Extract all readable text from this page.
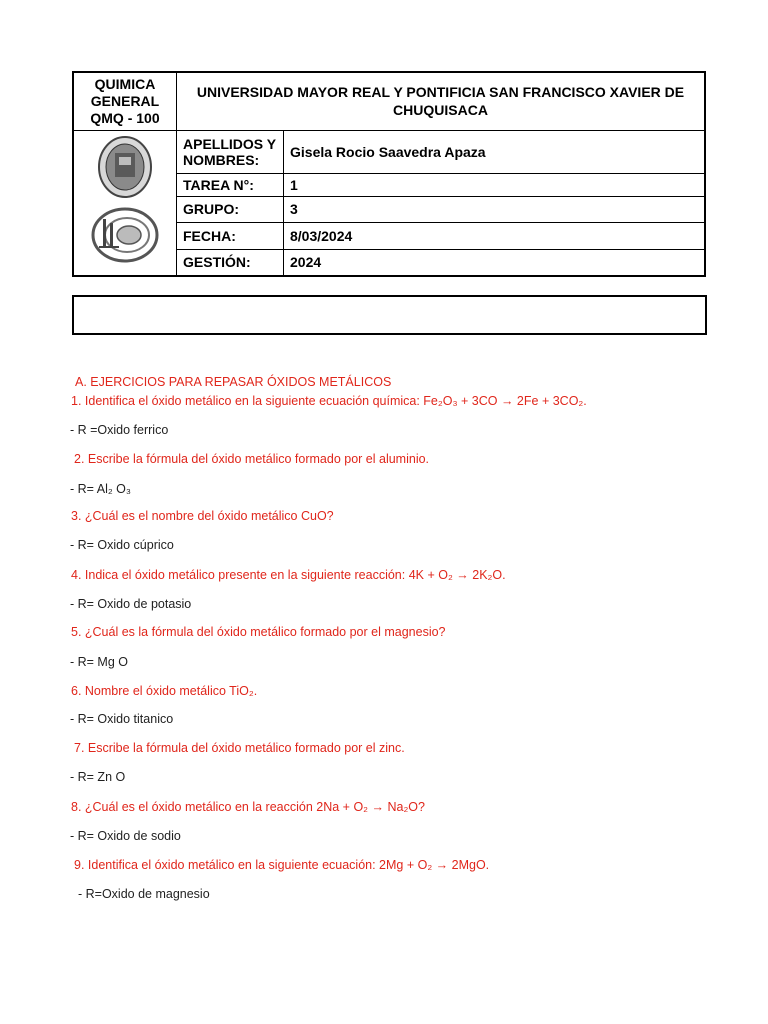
QUIMICA
GENERAL
QMQ - 100	UNIVERSIDAD MAYOR REAL Y PONTIFICIA SAN FRANCISCO XAVIER DE CHUQUISACA	
	APELLIDOS Y NOMBRES:	Gisela Rocio Saavedra Apaza
	TAREA N°:	1
	GRUPO:	3
	FECHA:	8/03/2024
	GESTIÓN:	2024

A. EJERCICIOS PARA REPASAR ÓXIDOS METÁLICOS

1. Identifica el óxido metálico en la siguiente ecuación química: Fe₂O₃ + 3CO → 2Fe + 3CO₂.

- R =Oxido ferrico

2. Escribe la fórmula del óxido metálico formado por el aluminio.

- R= Al₂ O₃

3. ¿Cuál es el nombre del óxido metálico CuO?

- R= Oxido cúprico

4. Indica el óxido metálico presente en la siguiente reacción: 4K + O₂ → 2K₂O.

- R= Oxido de potasio

5. ¿Cuál es la fórmula del óxido metálico formado por el magnesio?

- R= Mg O

6. Nombre el óxido metálico TiO₂.

- R= Oxido titanico

7. Escribe la fórmula del óxido metálico formado por el zinc.

- R= Zn O

8. ¿Cuál es el óxido metálico en la reacción 2Na + O₂ → Na₂O?

- R= Oxido de sodio

9. Identifica el óxido metálico en la siguiente ecuación: 2Mg + O₂ → 2MgO.

- R=Oxido de magnesio
